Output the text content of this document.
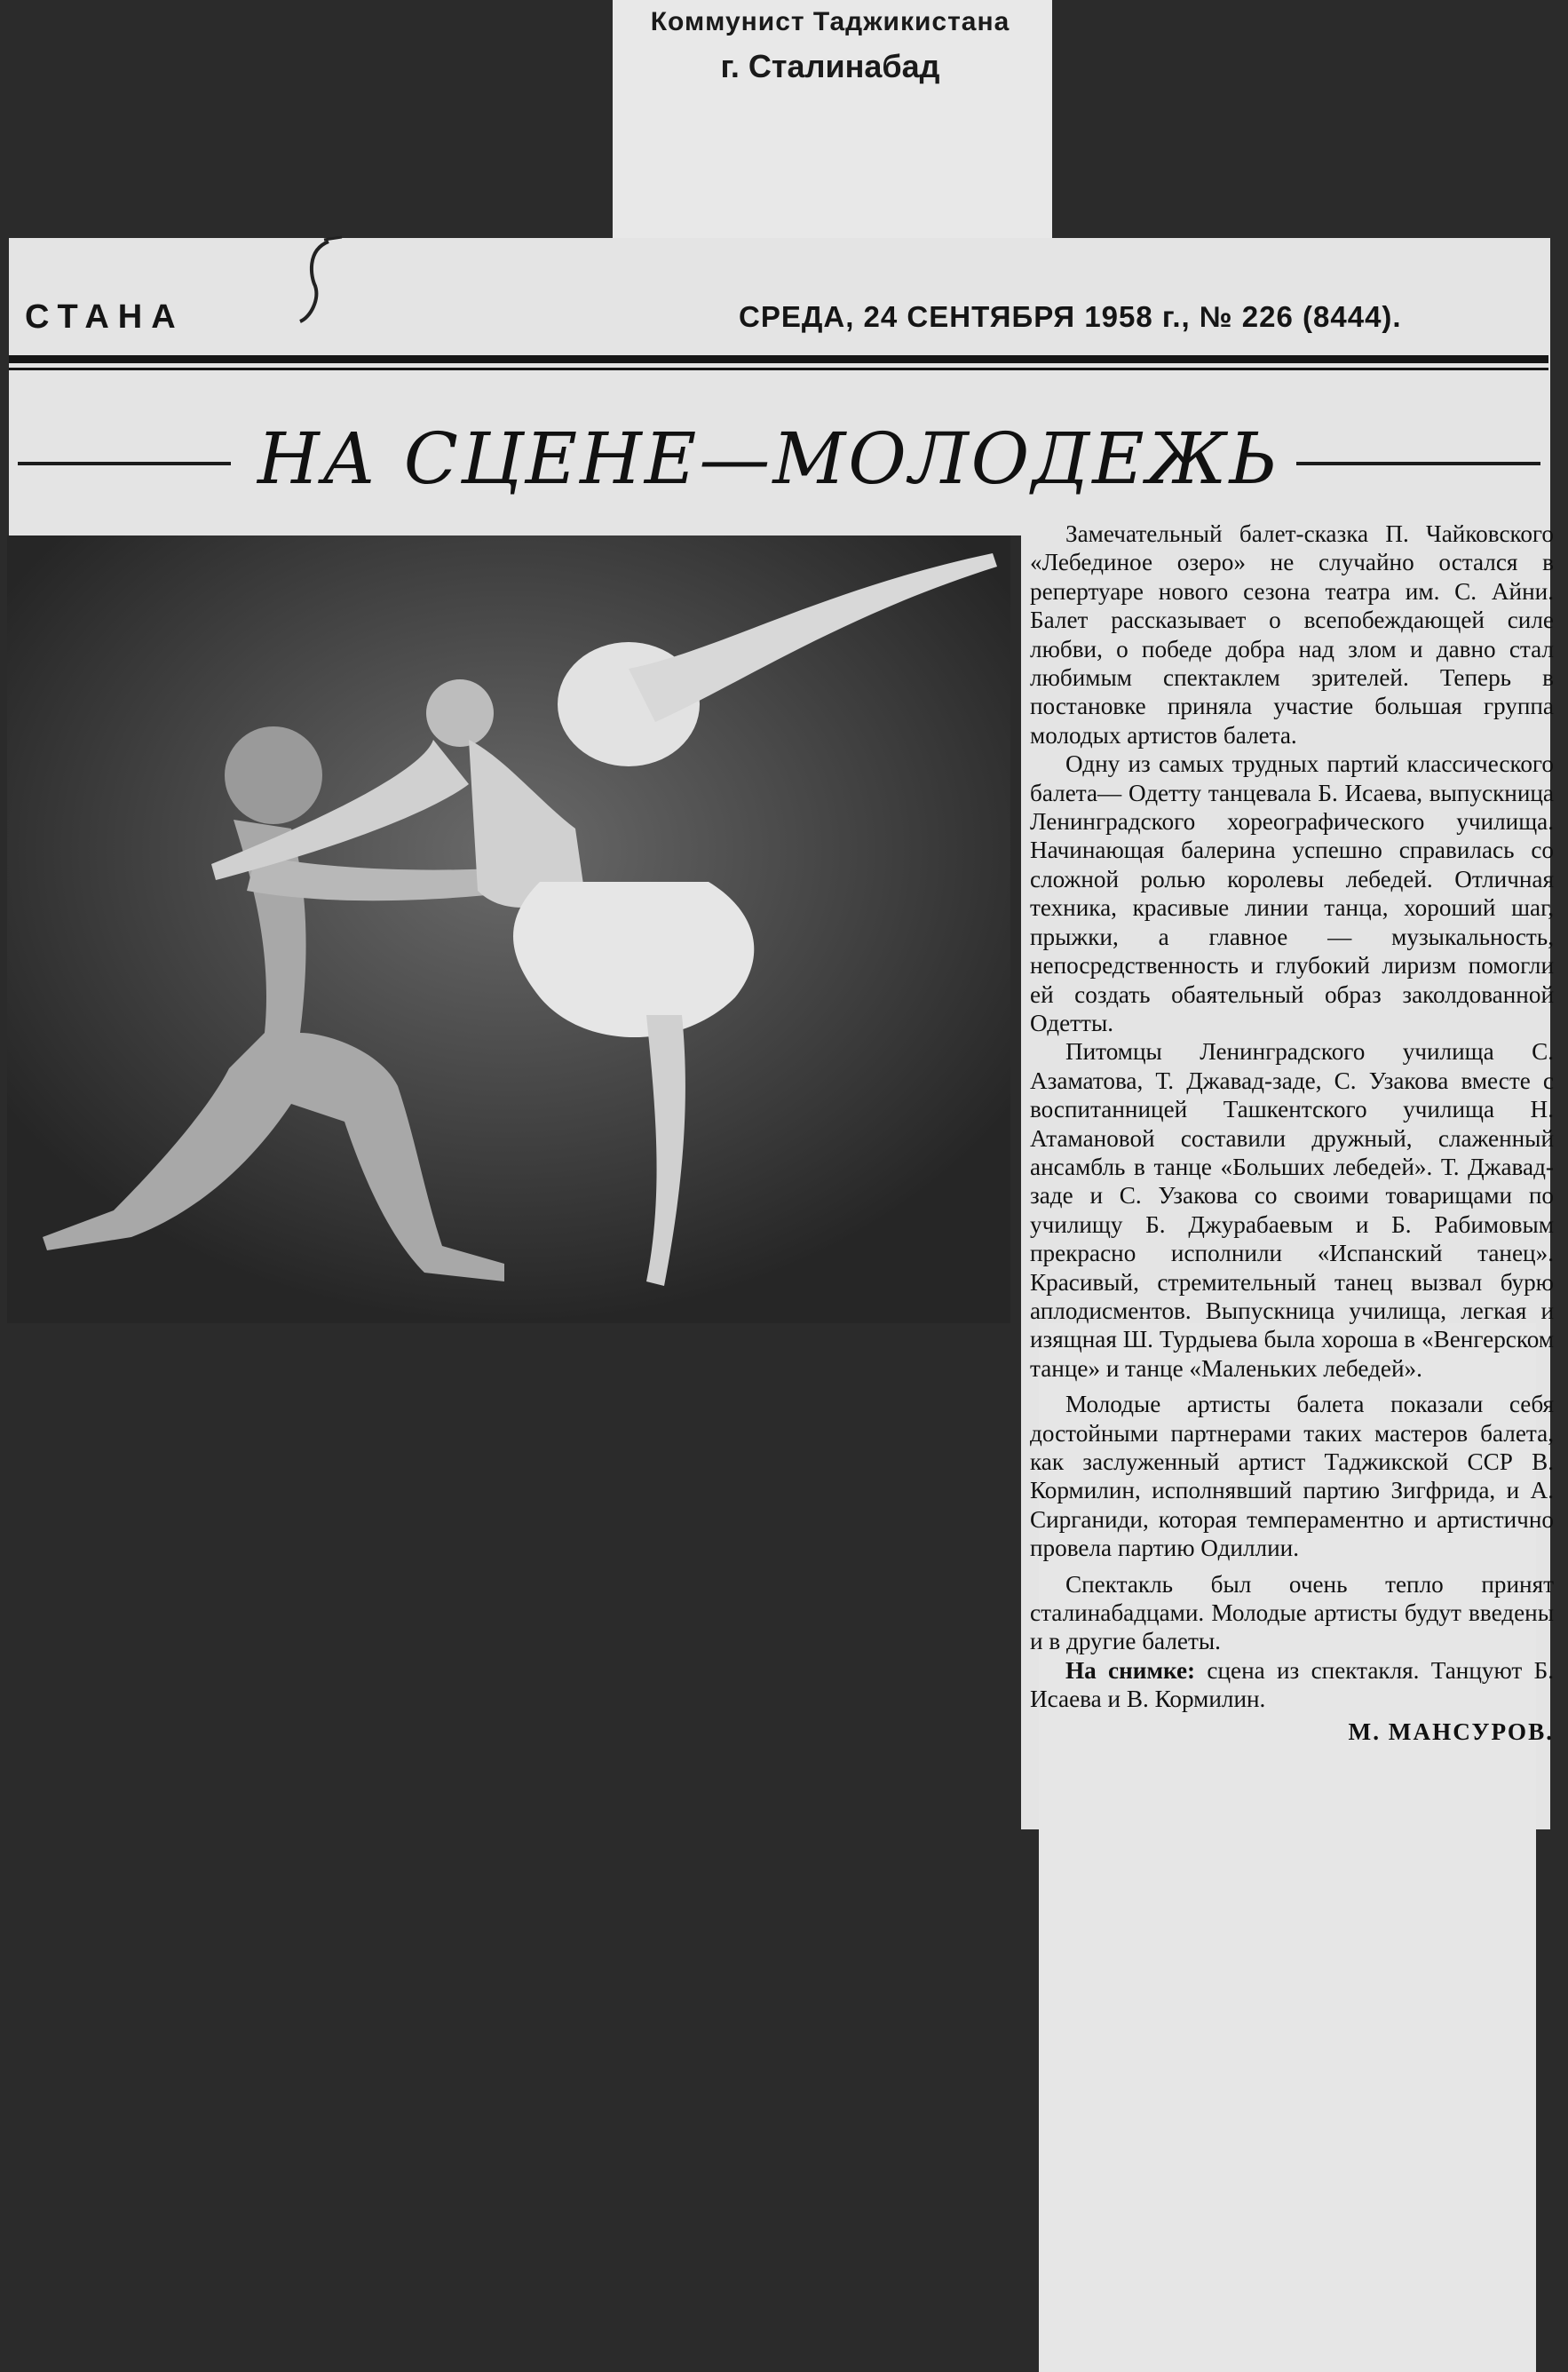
Коммунист Таджикистана
г. Сталинабад
СТАНА	СРЕДА, 24 СЕНТЯБРЯ 1958 г., № 226 (8444).
НА СЦЕНЕ—МОЛОДЕЖЬ

Замечательный балет-сказка П. Чайковского «Лебединое озеро» не случайно остался в репертуаре нового сезона театра им. С. Айни. Балет рассказывает о всепобеждающей силе любви, о победе добра над злом и давно стал любимым спектаклем зрителей. Теперь в постановке приняла участие большая группа молодых артистов балета.

Одну из самых трудных партий классического балета— Одетту танцевала Б. Исаева, выпускница Ленинградского хореографического училища. Начинающая балерина успешно справилась со сложной ролью королевы лебедей. Отличная техника, красивые линии танца, хороший шаг, прыжки, а главное — музыкальность, непосредственность и глубокий лиризм помогли ей создать обаятельный образ заколдованной Одетты.

Питомцы Ленинградского училища С. Азаматова, Т. Джавад-заде, С. Узакова вместе с воспитанницей Ташкентского училища Н. Атамановой составили дружный, слаженный ансамбль в танце «Больших лебедей». Т. Джавад-заде и С. Узакова со своими товарищами по училищу Б. Джурабаевым и Б. Рабимовым прекрасно исполнили «Испанский танец». Красивый, стремительный танец вызвал бурю аплодисментов. Выпускница училища, легкая и изящная Ш. Турдыева была хороша в «Венгерском танце» и танце «Маленьких лебедей».

Молодые артисты балета показали себя достойными партнерами таких мастеров балета, как заслуженный артист Таджикской ССР В. Кормилин, исполнявший партию Зигфрида, и А. Сирганиди, которая темпераментно и артистично провела партию Одиллии.

Спектакль был очень тепло принят сталинабадцами. Молодые артисты будут введены и в другие балеты.

На снимке: сцена из спектакля. Танцуют Б. Исаева и В. Кормилин.

М. МАНСУРОВ.
